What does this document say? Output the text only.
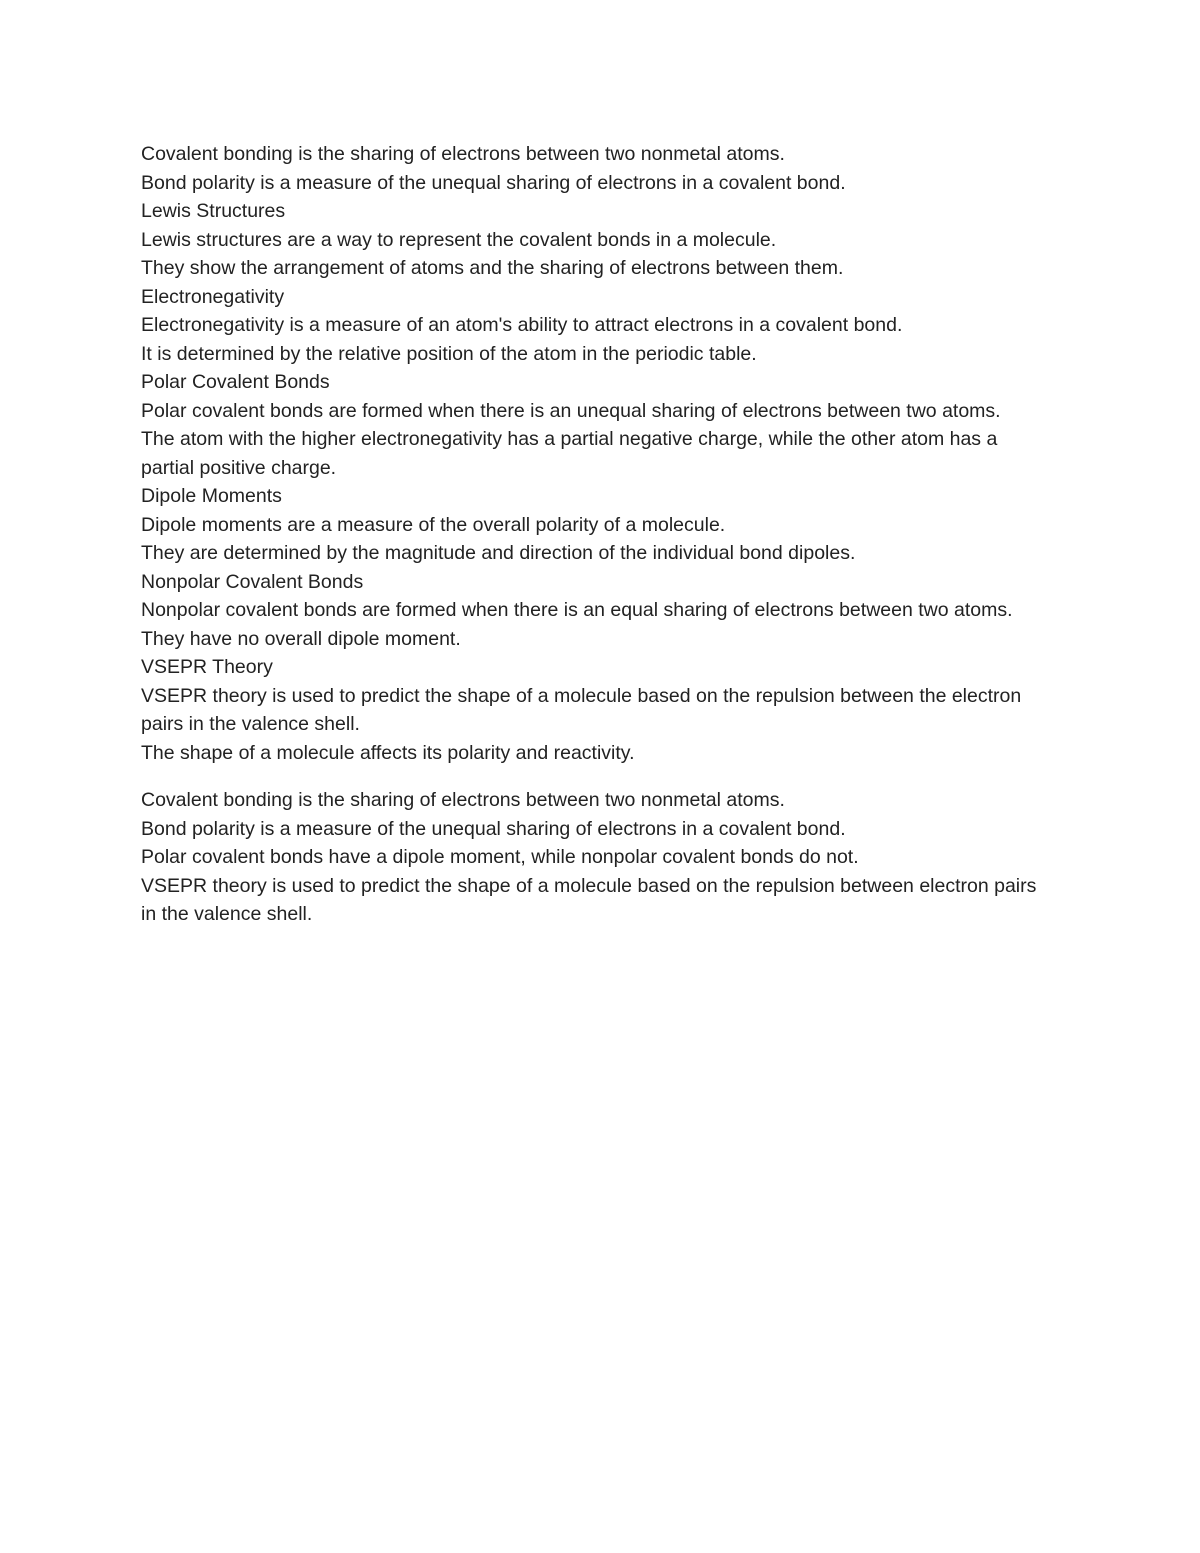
Covalent bonding is the sharing of electrons between two nonmetal atoms.

Bond polarity is a measure of the unequal sharing of electrons in a covalent bond.

Lewis Structures

Lewis structures are a way to represent the covalent bonds in a molecule.

They show the arrangement of atoms and the sharing of electrons between them.

Electronegativity

Electronegativity is a measure of an atom's ability to attract electrons in a covalent bond.

It is determined by the relative position of the atom in the periodic table.

Polar Covalent Bonds

Polar covalent bonds are formed when there is an unequal sharing of electrons between two atoms.

The atom with the higher electronegativity has a partial negative charge, while the other atom has a partial positive charge.

Dipole Moments

Dipole moments are a measure of the overall polarity of a molecule.

They are determined by the magnitude and direction of the individual bond dipoles.

Nonpolar Covalent Bonds

Nonpolar covalent bonds are formed when there is an equal sharing of electrons between two atoms.

They have no overall dipole moment.

VSEPR Theory

VSEPR theory is used to predict the shape of a molecule based on the repulsion between the electron pairs in the valence shell.

The shape of a molecule affects its polarity and reactivity.

Covalent bonding is the sharing of electrons between two nonmetal atoms.

Bond polarity is a measure of the unequal sharing of electrons in a covalent bond.

Polar covalent bonds have a dipole moment, while nonpolar covalent bonds do not.

VSEPR theory is used to predict the shape of a molecule based on the repulsion between electron pairs in the valence shell.
